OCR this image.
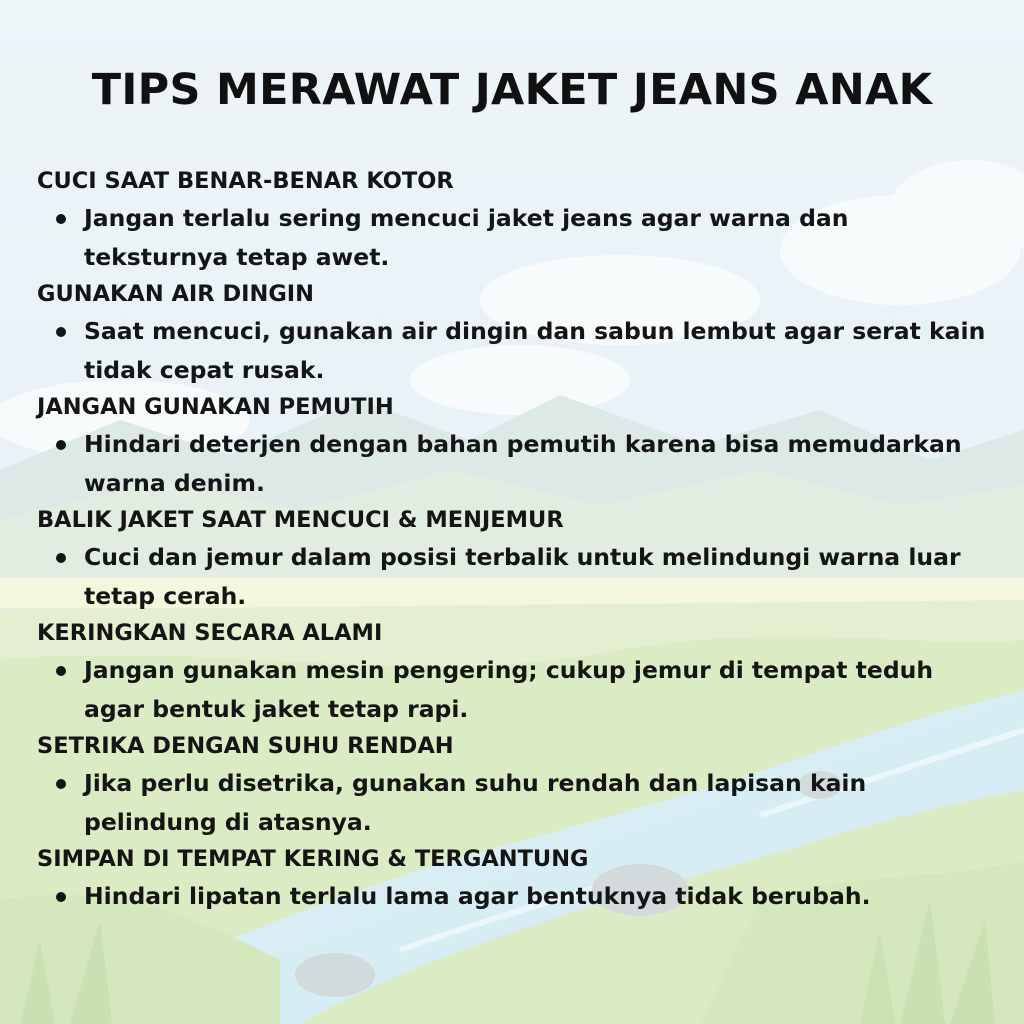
TIPS MERAWAT JAKET JEANS ANAK
CUCI SAAT BENAR-BENAR KOTOR
Jangan terlalu sering mencuci jaket jeans agar warna dan teksturnya tetap awet.
GUNAKAN AIR DINGIN
Saat mencuci, gunakan air dingin dan sabun lembut agar serat kain tidak cepat rusak.
JANGAN GUNAKAN PEMUTIH
Hindari deterjen dengan bahan pemutih karena bisa memudarkan warna denim.
BALIK JAKET SAAT MENCUCI & MENJEMUR
Cuci dan jemur dalam posisi terbalik untuk melindungi warna luar tetap cerah.
KERINGKAN SECARA ALAMI
Jangan gunakan mesin pengering; cukup jemur di tempat teduh agar bentuk jaket tetap rapi.
SETRIKA DENGAN SUHU RENDAH
Jika perlu disetrika, gunakan suhu rendah dan lapisan kain pelindung di atasnya.
SIMPAN DI TEMPAT KERING & TERGANTUNG
Hindari lipatan terlalu lama agar bentuknya tidak berubah.
